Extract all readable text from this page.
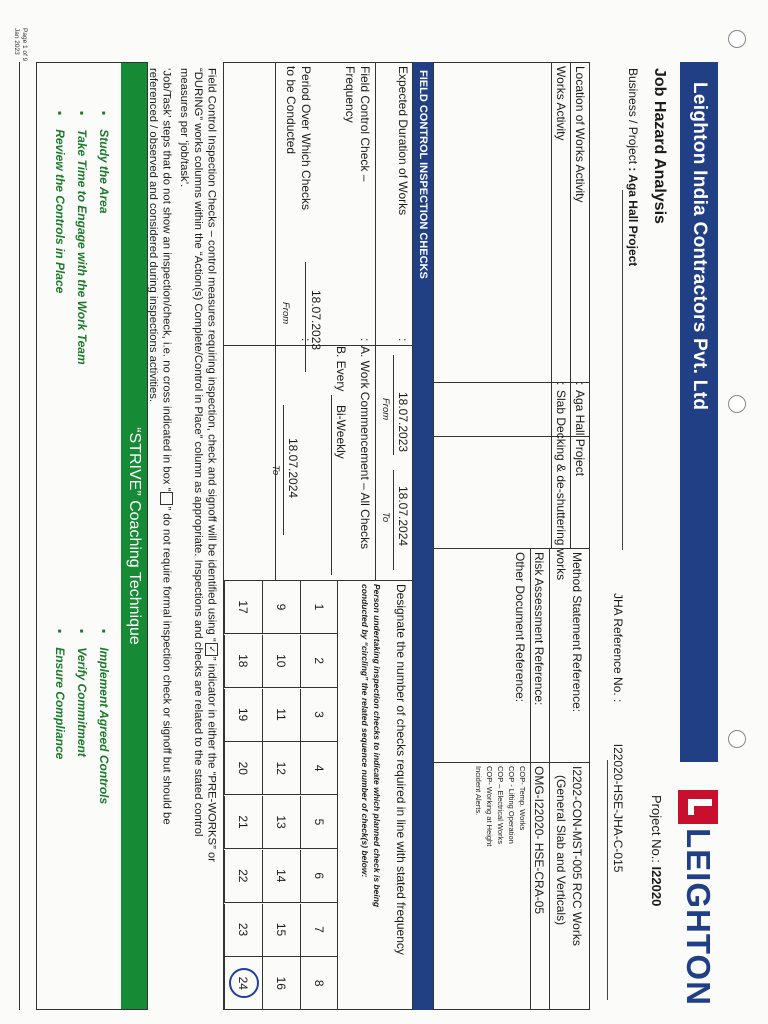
Leighton India Contractors Pvt. Ltd
LEIGHTON
Job Hazard Analysis
Project No.: I22020
Business / Project : Aga Hall Project
JHA Reference No. : I22020-HSE-JHA-C-015
Location of Works Activity
:
Aga Hall Project
Works Activity
:
Slab Decking & de-shuttering works
Method Statement Reference:
I2202-CON-MST-005 RCC Works
(General Slab and Verticals)
Risk Assessment Reference:
OMG-I22020- HSE-CRA-05
Other Document Reference:
COP- Temp. Works
COP - Lifting Operation
COP – Electrical Works
COP- Working at Height
Incident Alerts.
FIELD CONTROL INSPECTION CHECKS
Expected Duration of Works
:
18.07.2023
18.07.2024
From
To
Field Control Check –
Frequency
:
A. Work Commencement – All Checks
B. Every
Bi-Weekly
Period Over Which Checks
to be Conducted
:
18.07.2023
18.07.2024
From
To
Designate the number of checks required in line with stated frequency
Person undertaking inspection checks to indicate which planned check is being
conducted by “circling” the related sequence number of check(s) below:
1
2
3
4
5
6
7
8
9
10
11
12
13
14
15
16
17
18
19
20
21
22
23
24
Field Control Inspection Checks – control measures requiring inspection, check and signoff will be identified using “✓” indicator in either the “PRE-WORKS” or
“DURING” works columns within the “Action(s) Complete/Control in Place” column as appropriate. Inspections and checks are related to the stated control
measures per ‘job/task’.
‘Job/Task’ steps that do not show an inspection/check, i.e. no cross indicated in box “” do not require formal inspection check or signoff but should be
referenced / observed and considered during inspections activities.
“STRIVE” Coaching Technique
▪Study the Area
▪Take Time to Engage with the Work Team
▪Review the Controls in Place
▪Implement Agreed Controls
▪Verify Commitment
▪Ensure Compliance
Page 1 of 9
Jan 2023
